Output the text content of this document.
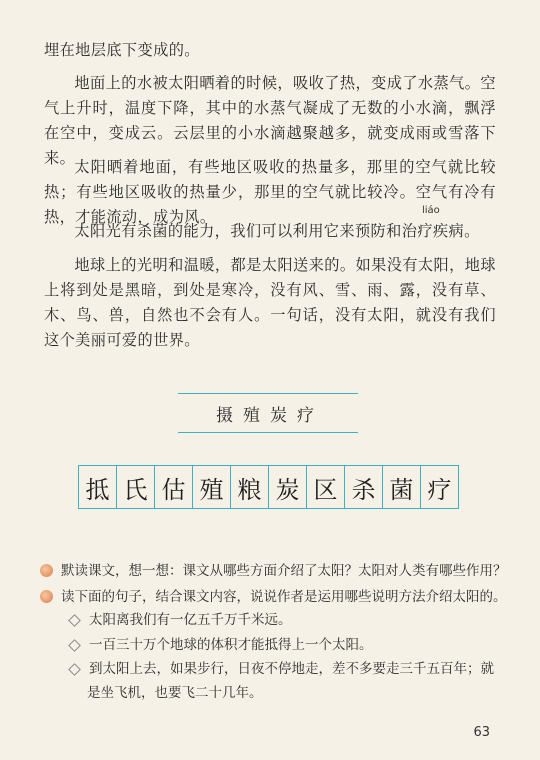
埋在地层底下变成的。

地面上的水被太阳晒着的时候，吸收了热，变成了水蒸气。空气上升时，温度下降，其中的水蒸气凝成了无数的小水滴，飘浮在空中，变成云。云层里的小水滴越聚越多，就变成雨或雪落下来。 太阳晒着地面，有些地区吸收的热量多，那里的空气就比较热；有些地区吸收的热量少，那里的空气就比较冷。空气有冷有热，才能流动，成为风。	liáo

太阳光有杀菌的能力，我们可以利用它来预防和治疗疾病。

地球上的光明和温暖，都是太阳送来的。如果没有太阳，地球上将到处是黑暗，到处是寒冷，没有风、雪、雨、露，没有草、木、鸟、兽，自然也不会有人。一句话，没有太阳，就没有我们这个美丽可爱的世界。

摄 殖 炭 疗
抵 氏 估 殖 粮 炭 区 杀 菌 疗
默读课文，想一想：课文从哪些方面介绍了太阳？太阳对人类有哪些作用？
读下面的句子，结合课文内容，说说作者是运用哪些说明方法介绍太阳的。
太阳离我们有一亿五千万千米远。
一百三十万个地球的体积才能抵得上一个太阳。
到太阳上去，如果步行，日夜不停地走，差不多要走三千五百年；就
是坐飞机，也要飞二十几年。
63
